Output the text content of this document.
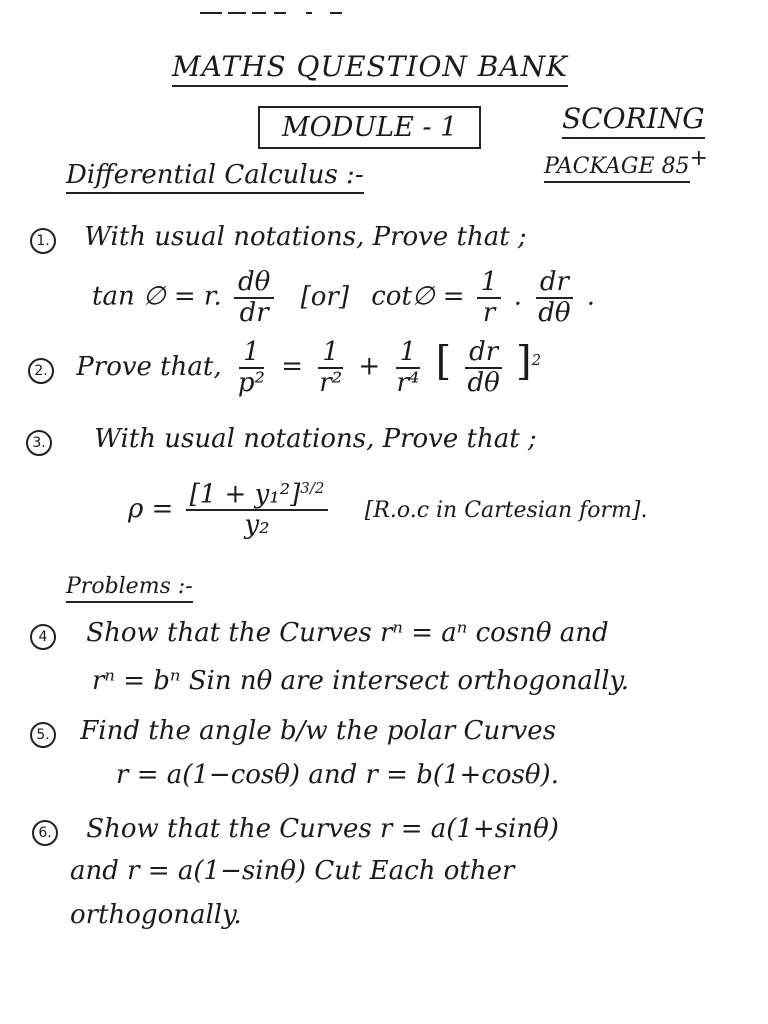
MATHS QUESTION BANK
MODULE - 1	SCORING
PACKAGE 85+
Differential Calculus :-
1. With usual notations, Prove that ;
tan ∅ = r. $\frac{d\theta}{dr} [or]$ cot∅ = $\frac{1}{r}$ . $\frac{dr}{d\theta}$ .
2. Prove that, $\frac{1}{\text{p²}} = \frac{1}{\text{r²}} + \frac{1}{\text{r⁴}}$ [ $\frac{dr}{d\theta} ]^2$
3. With usual notations, Prove that ;
$\rho = \frac{[1 + y_1^2]^{3/2}}{\text{y₂}} [R.o.c$ in Cartesian form].
Problems :-
4 Show that the Curves rⁿ = aⁿ cosnθ and
rⁿ = bⁿ Sin nθ are intersect orthogonally.
5. Find the angle b/w the polar Curves
r = a(1−cosθ) and r = b(1+cosθ).
6. Show that the Curves r = a(1+sinθ)
and r = a(1−sinθ) Cut Each other
orthogonally.
